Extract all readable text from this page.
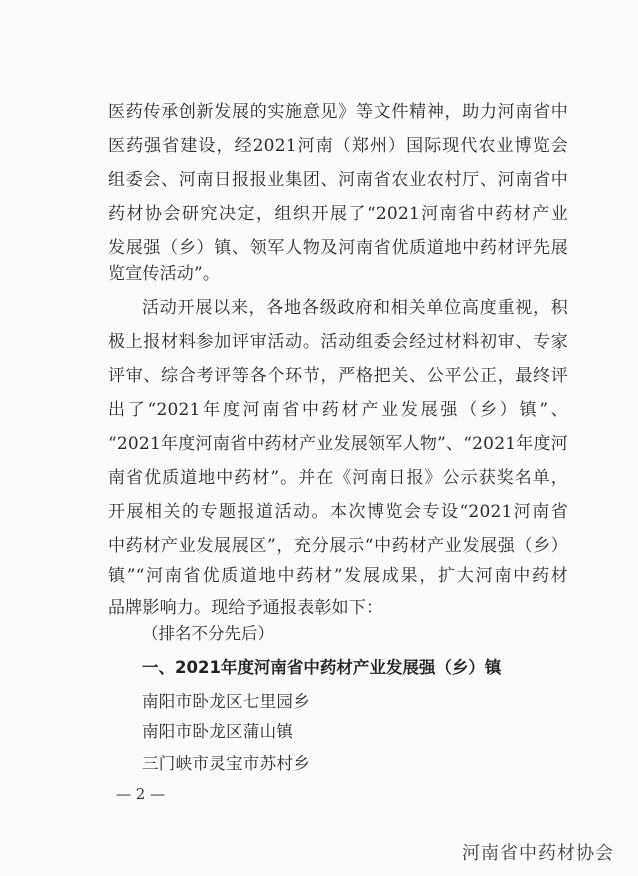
医药传承创新发展的实施意见》等文件精神，助力河南省中
医药强省建设，经2021河南（郑州）国际现代农业博览会
组委会、河南日报报业集团、河南省农业农村厅、河南省中
药材协会研究决定，组织开展了“2021河南省中药材产业
发展强（乡）镇、领军人物及河南省优质道地中药材评先展
览宣传活动”。
活动开展以来，各地各级政府和相关单位高度重视，积
极上报材料参加评审活动。活动组委会经过材料初审、专家
评审、综合考评等各个环节，严格把关、公平公正，最终评
出了“2021年度河南省中药材产业发展强（乡）镇”、
“2021年度河南省中药材产业发展领军人物”、“2021年度河
南省优质道地中药材”。并在《河南日报》公示获奖名单，
开展相关的专题报道活动。本次博览会专设“2021河南省
中药材产业发展展区”，充分展示“中药材产业发展强（乡）
镇”“河南省优质道地中药材”发展成果，扩大河南中药材
品牌影响力。现给予通报表彰如下：
（排名不分先后）
一、2021年度河南省中药材产业发展强（乡）镇
南阳市卧龙区七里园乡
南阳市卧龙区蒲山镇
三门峡市灵宝市苏村乡
— 2 —
河南省中药材协会
